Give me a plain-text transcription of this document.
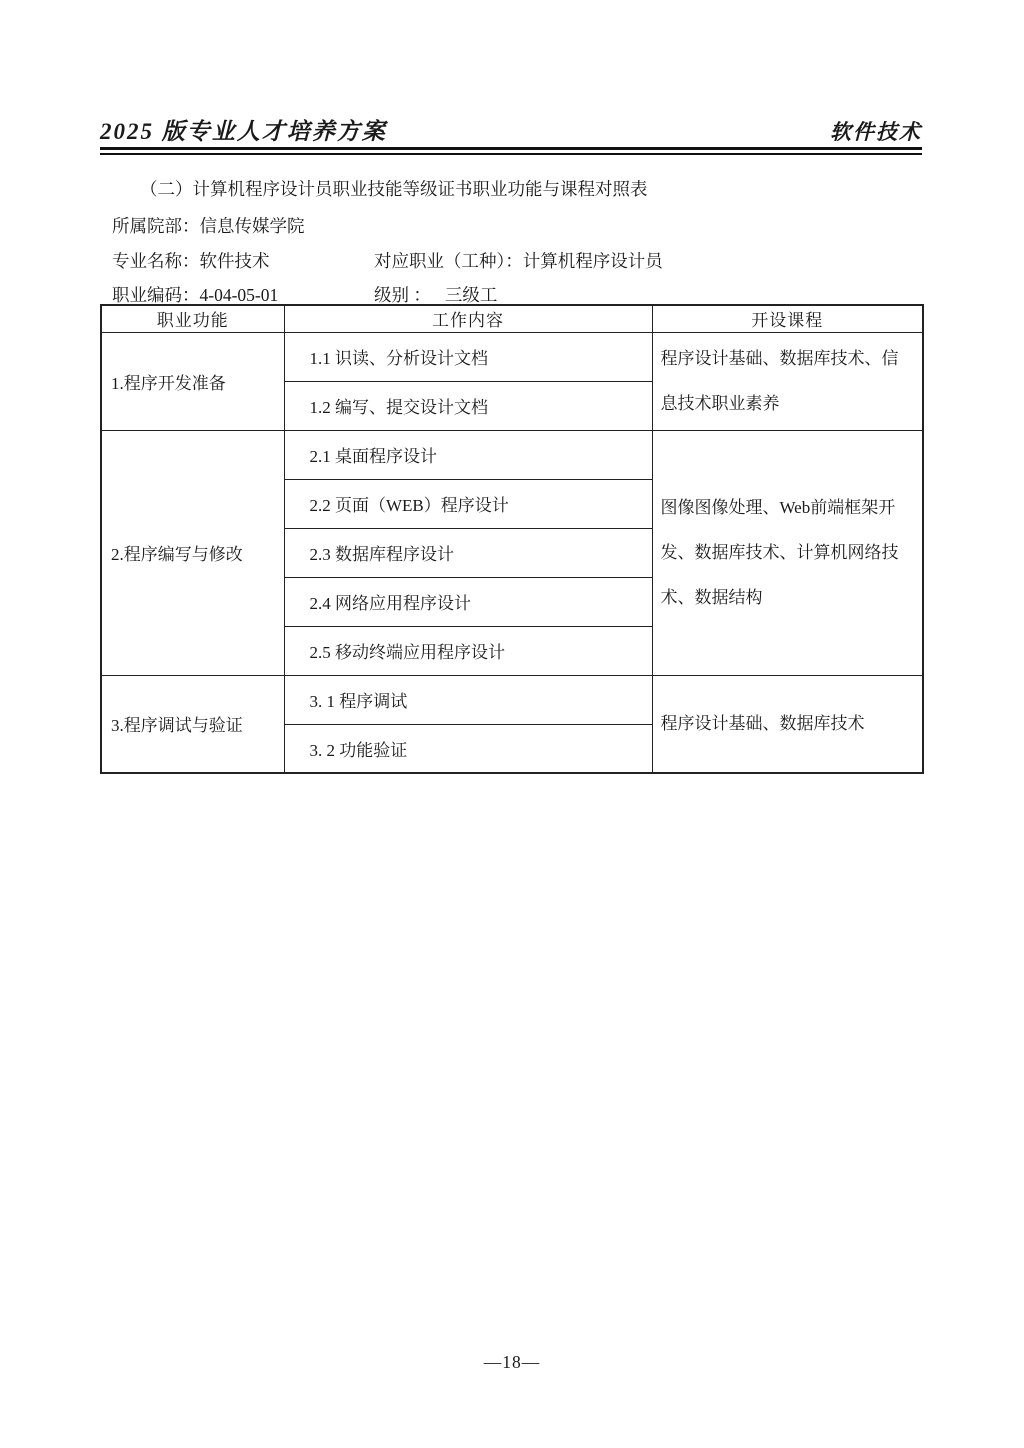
2025 版专业人才培养方案	软件技术
（二）计算机程序设计员职业技能等级证书职业功能与课程对照表
所属院部：信息传媒学院
专业名称：软件技术	对应职业（工种）：计算机程序设计员
职业编码：4-04-05-01	级别 ： 三级工
职业功能	工作内容	开设课程
1.程序开发准备	1.1 识读、分析设计文档	程序设计基础、数据库技术、信息技术职业素养
	1.2 编写、提交设计文档	
2.程序编写与修改	2.1 桌面程序设计	图像图像处理、Web前端框架开发、数据库技术、计算机网络技术、数据结构
	2.2 页面（WEB）程序设计	
	2.3 数据库程序设计	
	2.4 网络应用程序设计	
	2.5 移动终端应用程序设计	
3.程序调试与验证	3. 1 程序调试	程序设计基础、数据库技术
	3. 2 功能验证	
—18—
